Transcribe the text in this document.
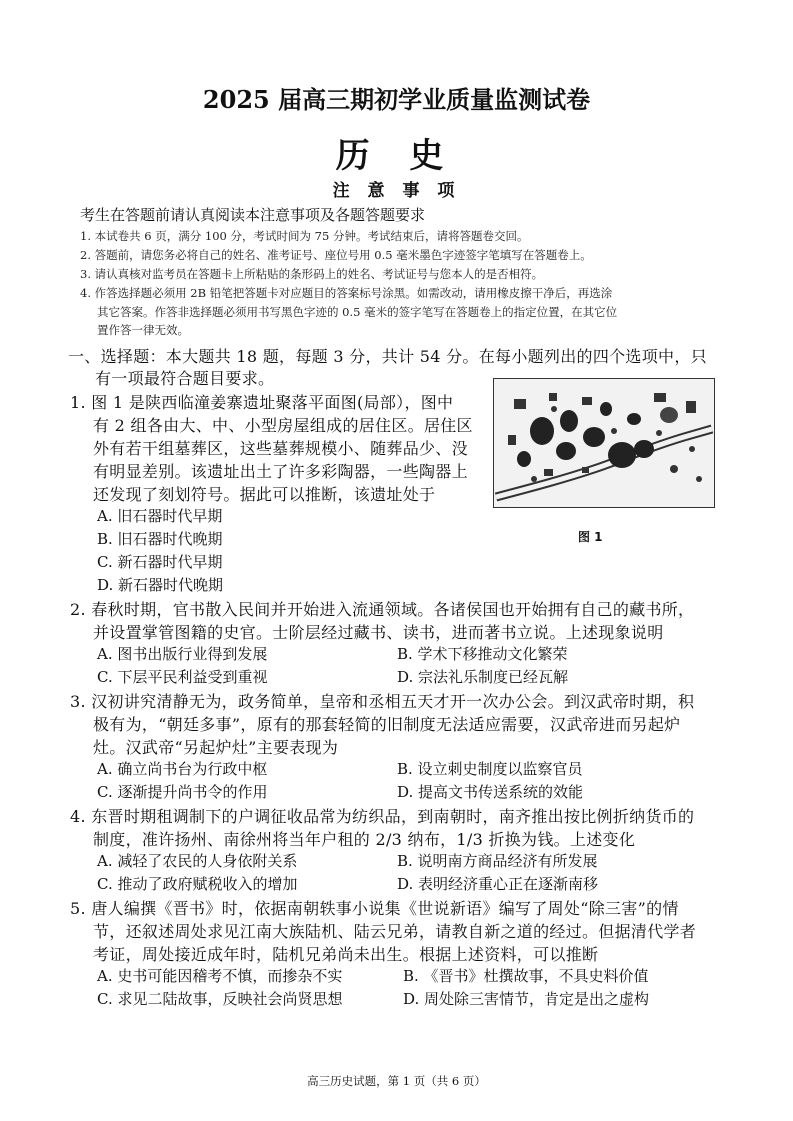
2025 届高三期初学业质量监测试卷
历 史
注 意 事 项
考生在答题前请认真阅读本注意事项及各题答题要求
1. 本试卷共 6 页，满分 100 分，考试时间为 75 分钟。考试结束后，请将答题卷交回。
2. 答题前，请您务必将自己的姓名、准考证号、座位号用 0.5 毫米墨色字迹签字笔填写在答题卷上。
3. 请认真核对监考员在答题卡上所粘贴的条形码上的姓名、考试证号与您本人的是否相符。
4. 作答选择题必须用 2B 铅笔把答题卡对应题目的答案标号涂黑。如需改动，请用橡皮擦干净后，再选涂
其它答案。作答非选择题必须用书写黑色字迹的 0.5 毫米的签字笔写在答题卷上的指定位置，在其它位
置作答一律无效。
一、选择题：本大题共 18 题，每题 3 分，共计 54 分。在每小题列出的四个选项中，只
有一项最符合题目要求。
1. 图 1 是陕西临潼姜寨遗址聚落平面图(局部），图中
有 2 组各由大、中、小型房屋组成的居住区。居住区
外有若干组墓葬区，这些墓葬规模小、随葬品少、没
有明显差别。该遗址出土了许多彩陶器，一些陶器上
还发现了刻划符号。据此可以推断，该遗址处于
A. 旧石器时代早期
B. 旧石器时代晚期
C. 新石器时代早期
D. 新石器时代晚期
图 1
2. 春秋时期，官书散入民间并开始进入流通领域。各诸侯国也开始拥有自己的藏书所，
并设置掌管图籍的史官。士阶层经过藏书、读书，进而著书立说。上述现象说明
A. 图书出版行业得到发展	B. 学术下移推动文化繁荣
C. 下层平民利益受到重视	D. 宗法礼乐制度已经瓦解
3. 汉初讲究清静无为，政务简单，皇帝和丞相五天才开一次办公会。到汉武帝时期，积
极有为，“朝廷多事”，原有的那套轻简的旧制度无法适应需要，汉武帝进而另起炉
灶。汉武帝“另起炉灶”主要表现为
A. 确立尚书台为行政中枢	B. 设立刺史制度以监察官员
C. 逐渐提升尚书令的作用	D. 提高文书传送系统的效能
4. 东晋时期租调制下的户调征收品常为纺织品，到南朝时，南齐推出按比例折纳货币的
制度，准许扬州、南徐州将当年户租的 2/3 纳布，1/3 折换为钱。上述变化
A. 减轻了农民的人身依附关系	B. 说明南方商品经济有所发展
C. 推动了政府赋税收入的增加	D. 表明经济重心正在逐渐南移
5. 唐人编撰《晋书》时，依据南朝轶事小说集《世说新语》编写了周处“除三害”的情
节，还叙述周处求见江南大族陆机、陆云兄弟，请教自新之道的经过。但据清代学者
考证，周处接近成年时，陆机兄弟尚未出生。根据上述资料，可以推断
A. 史书可能因稽考不慎，而掺杂不实	B. 《晋书》杜撰故事，不具史料价值
C. 求见二陆故事，反映社会尚贤思想	D. 周处除三害情节，肯定是出之虚构
高三历史试题，第 1 页（共 6 页）
